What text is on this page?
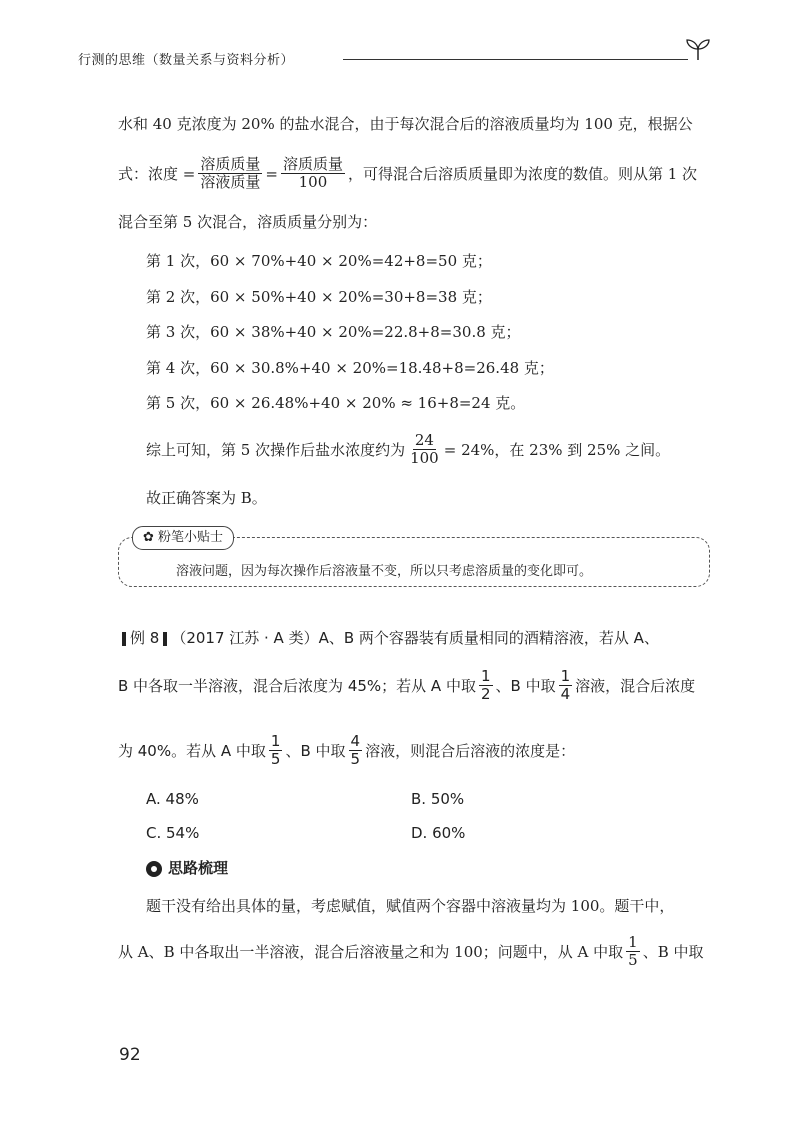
行测的思维（数量关系与资料分析）
水和 40 克浓度为 20% 的盐水混合，由于每次混合后的溶液质量均为 100 克，根据公
式：浓度 = $\frac{\text{溶质质量}}{\text{溶液质量}} = \frac{\text{溶质质量}}{100}$ ，可得混合后溶质质量即为浓度的数值。则从第 1 次
混合至第 5 次混合，溶质质量分别为：
第 1 次，60 × 70%+40 × 20%=42+8=50 克；
第 2 次，60 × 50%+40 × 20%=30+8=38 克；
第 3 次，60 × 38%+40 × 20%=22.8+8=30.8 克；
第 4 次，60 × 30.8%+40 × 20%=18.48+8=26.48 克；
第 5 次，60 × 26.48%+40 × 20% ≈ 16+8=24 克。
综上可知，第 5 次操作后盐水浓度约为 $\frac{24}{100} = 24\%$，在 23% 到 25% 之间。
故正确答案为 B。
✿ 粉笔小贴士
溶液问题，因为每次操作后溶液量不变，所以只考虑溶质量的变化即可。
例 8 （2017 江苏 · A 类）A、B 两个容器装有质量相同的酒精溶液，若从 A、
B 中各取一半溶液，混合后浓度为 45%；若从 A 中取 $\frac{1}{2}$ 、B 中取 $\frac{1}{4}$ 溶液，混合后浓度
为 40%。若从 A 中取 $\frac{1}{5}$ 、B 中取 $\frac{4}{5}$ 溶液，则混合后溶液的浓度是：
A. 48%	B. 50%
C. 54%	D. 60%
思路梳理
题干没有给出具体的量，考虑赋值，赋值两个容器中溶液量均为 100。题干中，
从 A、B 中各取出一半溶液，混合后溶液量之和为 100；问题中，从 A 中取 $\frac{1}{5}$ 、B 中取
92
